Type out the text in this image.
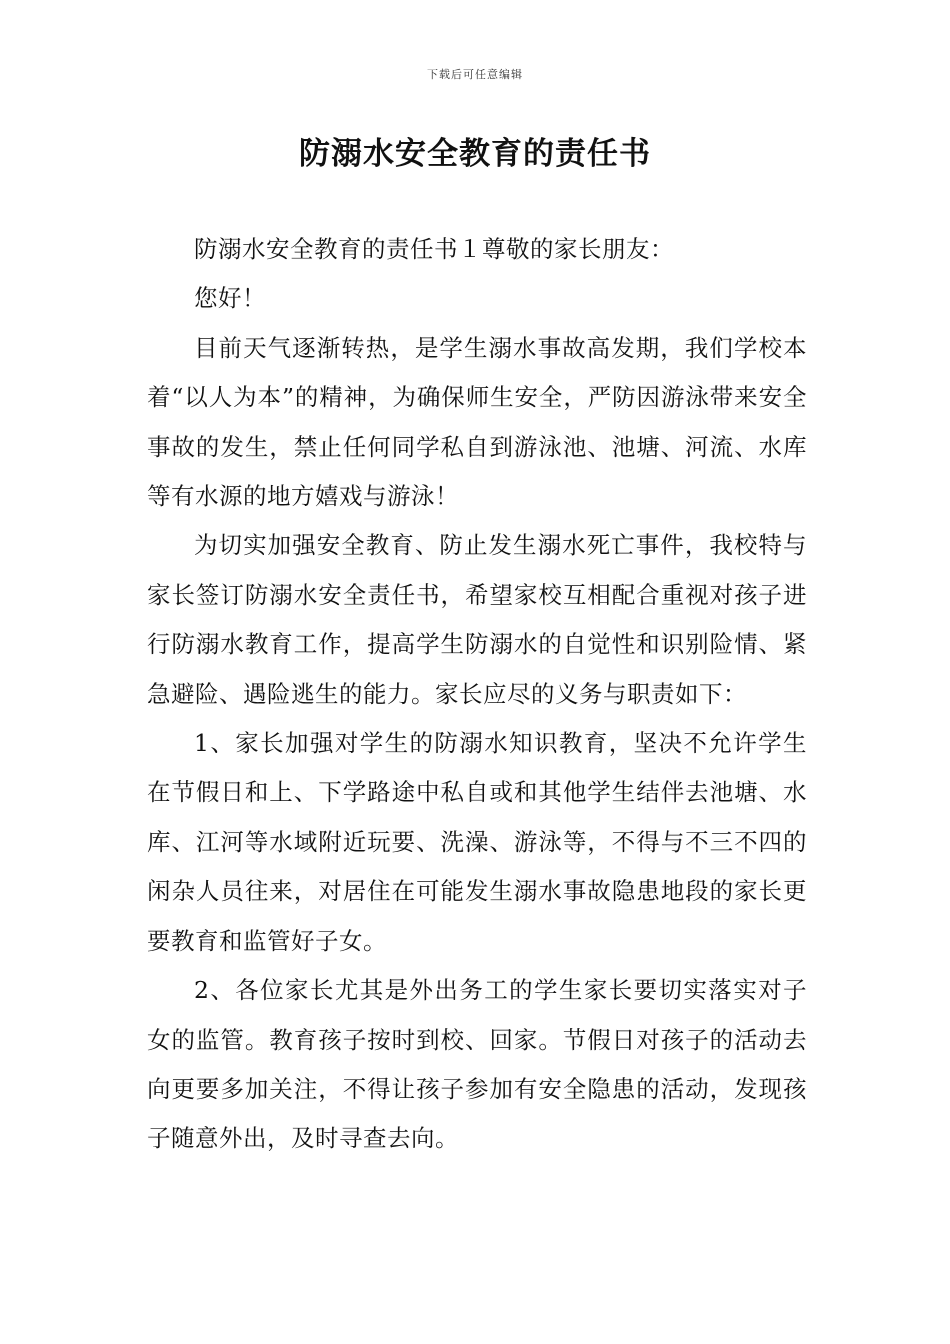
下载后可任意编辑
防溺水安全教育的责任书

防溺水安全教育的责任书１尊敬的家长朋友：

您好！

目前天气逐渐转热，是学生溺水事故高发期，我们学校本着“以人为本”的精神，为确保师生安全，严防因游泳带来安全事故的发生，禁止任何同学私自到游泳池、池塘、河流、水库等有水源的地方嬉戏与游泳！

为切实加强安全教育、防止发生溺水死亡事件，我校特与家长签订防溺水安全责任书，希望家校互相配合重视对孩子进行防溺水教育工作，提高学生防溺水的自觉性和识别险情、紧急避险、遇险逃生的能力。家长应尽的义务与职责如下：

1、家长加强对学生的防溺水知识教育，坚决不允许学生在节假日和上、下学路途中私自或和其他学生结伴去池塘、水库、江河等水域附近玩要、洗澡、游泳等，不得与不三不四的闲杂人员往来，对居住在可能发生溺水事故隐患地段的家长更要教育和监管好子女。

2、各位家长尤其是外出务工的学生家长要切实落实对子女的监管。教育孩子按时到校、回家。节假日对孩子的活动去向更要多加关注，不得让孩子参加有安全隐患的活动，发现孩子随意外出，及时寻查去向。
